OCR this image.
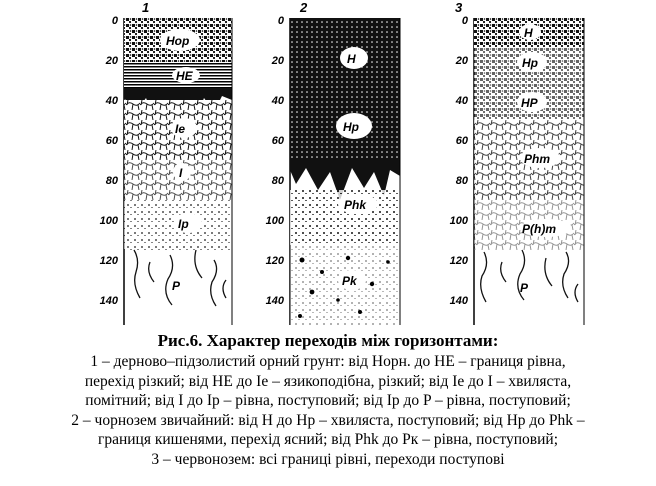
1
0
20
40
60
80
100
120
140
Hop
HE
Ie
I
Ip
P
2
0
20
40
60
80
100
120
140
H
Hp
Phk
Pk
3
0
20
40
60
80
100
120
140
H
Hp
HP
Phm
P(h)m
P
Рис.6. Характер переходів між горизонтами:
1 – дерново–підзолистий орний грунт: від Норн. до НЕ – границя рівна,
перехід різкий; від НЕ до Ie – язикоподібна, різкий; від Ie до I – хвиляста,
помітний; від I до Ip – рівна, поступовий; від Ip до P – рівна, поступовий;
2 – чорнозем звичайний: від Н до Нр – хвиляста, поступовий; від Нр до Phk –
границя кишенями, перехід ясний; від Phk до Pк – рівна, поступовий;
3 – червонозем: всі границі рівні, переходи поступові
